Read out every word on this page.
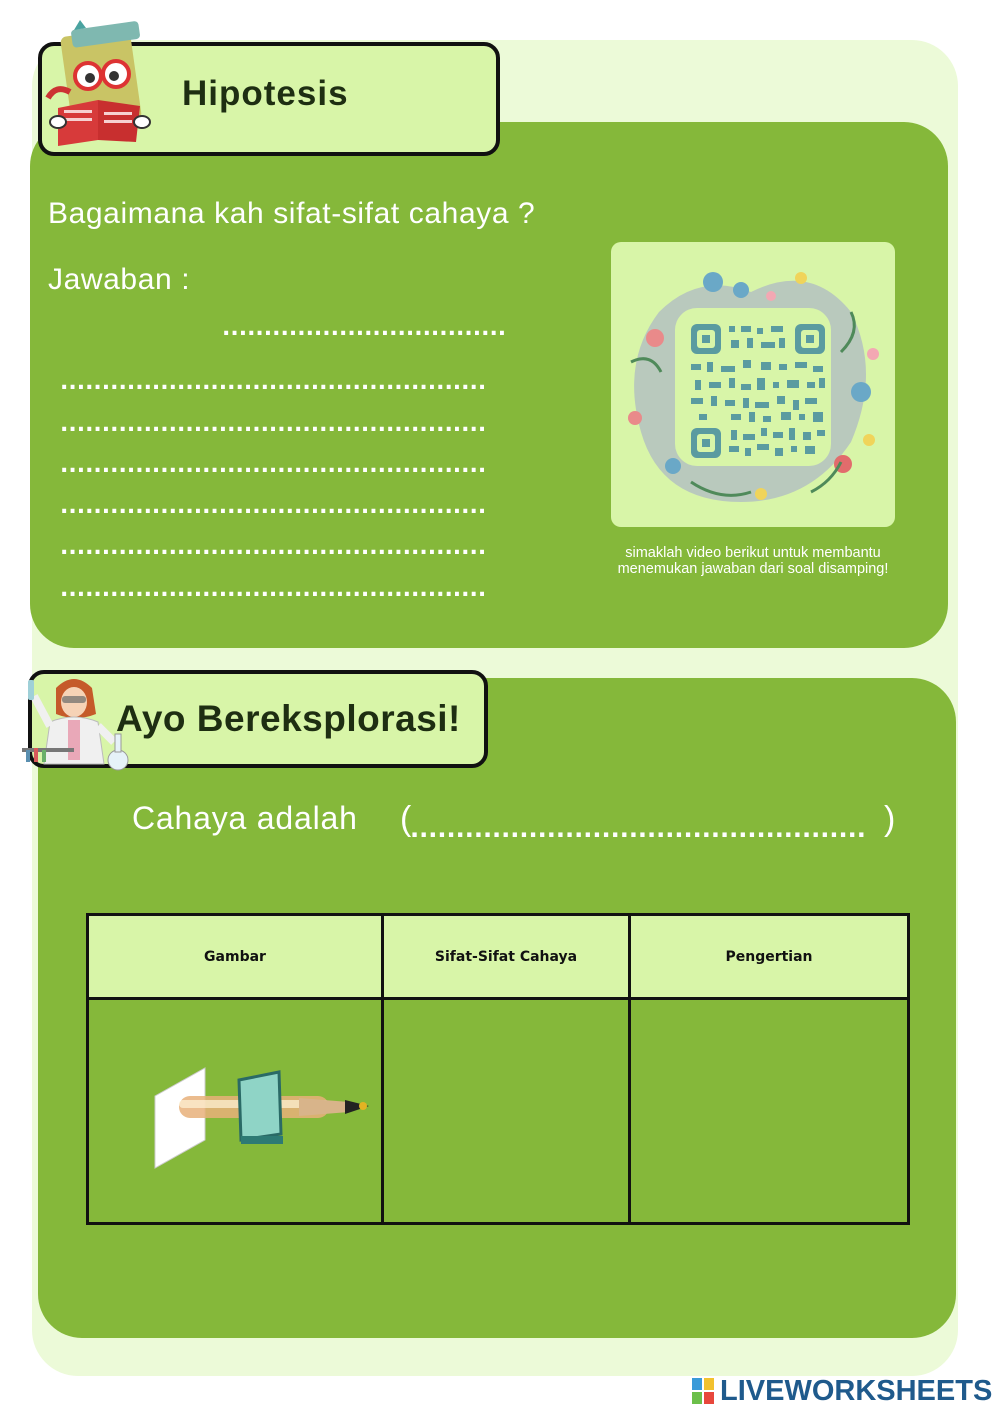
Hipotesis
Bagaimana kah sifat-sifat cahaya ?
Jawaban :
..................................
...................................................
...................................................
...................................................
...................................................
...................................................
...................................................
simaklah video berikut untuk membantu menemukan jawaban dari soal disamping!
Ayo Bereksplorasi!
Cahaya adalah (
.................................................. )
Gambar	Sifat-Sifat Cahaya	Pengertian

LIVEWORKSHEETS
